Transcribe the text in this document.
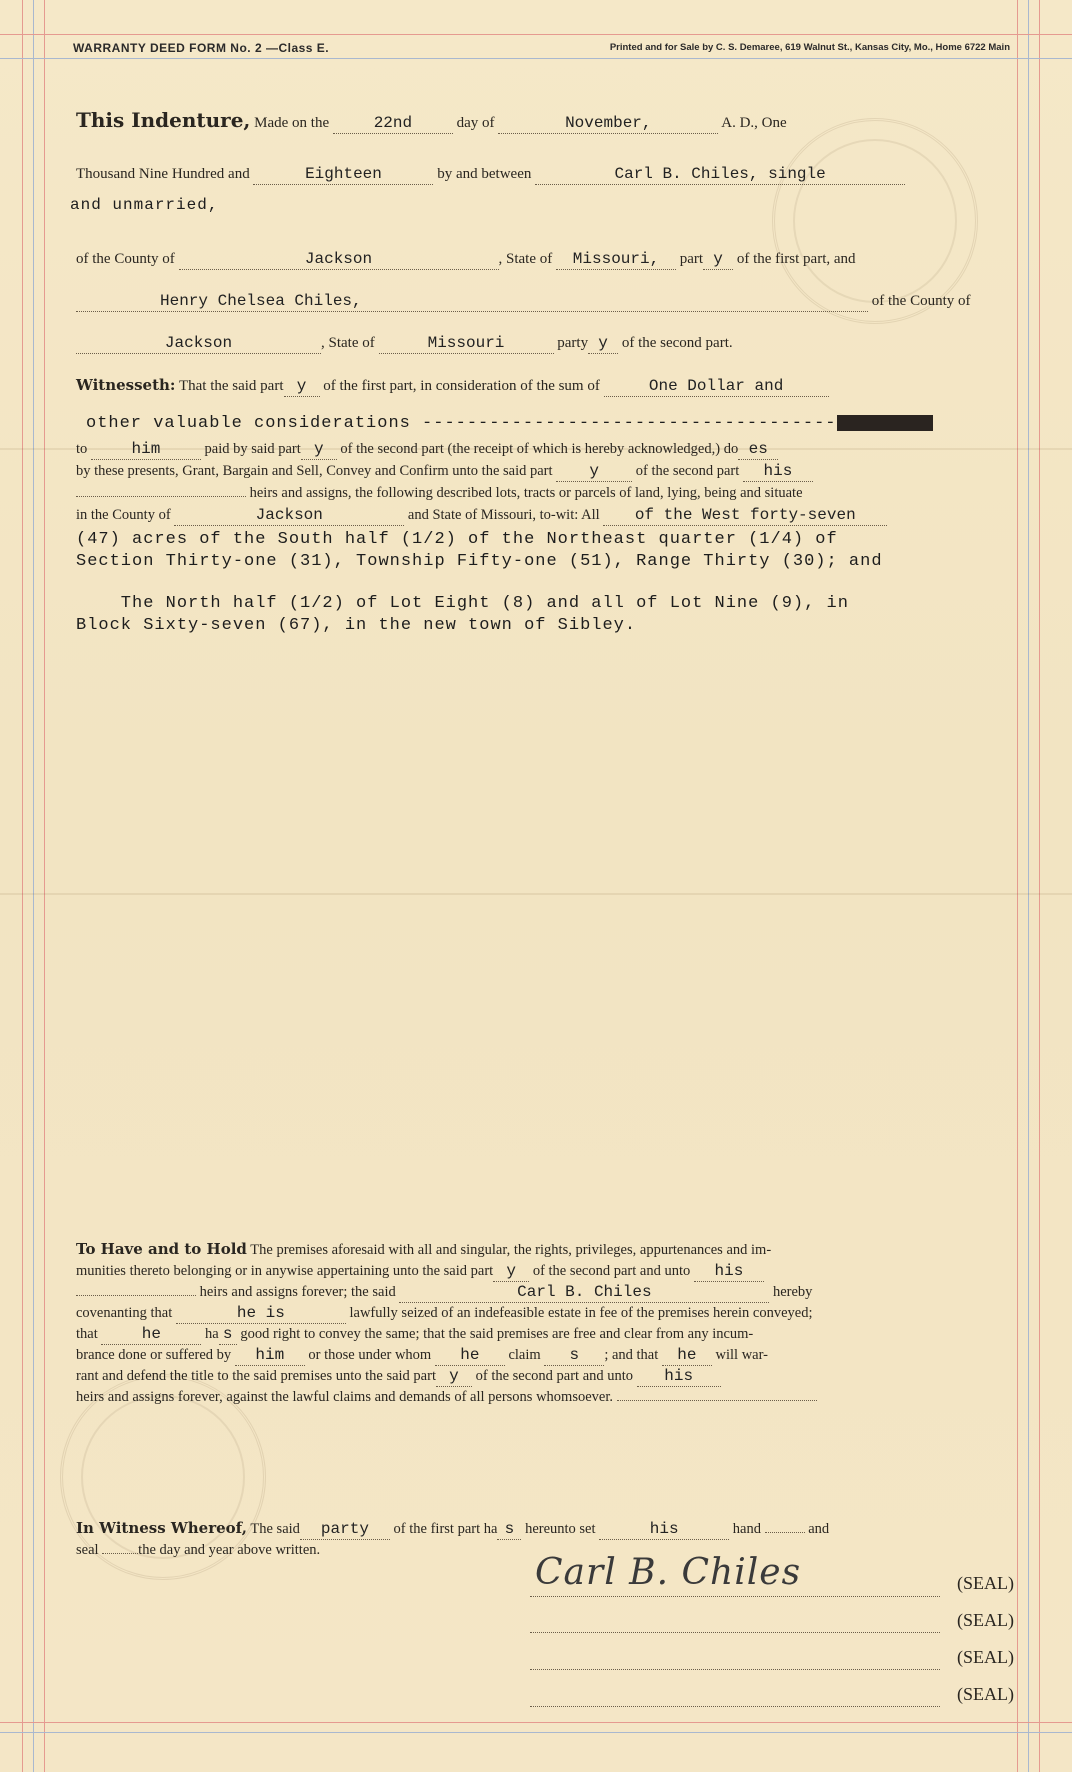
WARRANTY DEED FORM No. 2 —Class E.	Printed and for Sale by C. S. Demaree, 619 Walnut St., Kansas City, Mo., Home 6722 Main
This Indenture, Made on the	22nd	day of	November,	A. D., One
Thousand Nine Hundred and	Eighteen	by and between	Carl B. Chiles, single
and unmarried,
of the County of	Jackson	, State of Missouri, part y of the first part, and
Henry Chelsea Chiles,	of the County of
Jackson	, State of	Missouri	party y of the second part.
Witnesseth: That the said part y of the first part, in consideration of the sum of	One Dollar and
other valuable considerations -------------------------------------
to	him	paid by said part y of the second part (the receipt of which is hereby acknowledged,) do es
by these presents, Grant, Bargain and Sell, Convey and Confirm unto the said part y	of the second part his
heirs and assigns, the following described lots, tracts or parcels of land, lying, being and situate
in the County of	Jackson	and State of Missouri, to-wit: All of the West forty-seven
(47) acres of the South half (1/2) of the Northeast quarter (1/4) of
Section Thirty-one (31), Township Fifty-one (51), Range Thirty (30); and
The North half (1/2) of Lot Eight (8) and all of Lot Nine (9), in
Block Sixty-seven (67), in the new town of Sibley.
To Have and to Hold The premises aforesaid with all and singular, the rights, privileges, appurtenances and im-
munities thereto belonging or in anywise appertaining unto the said part y of the second part and unto his
heirs and assigns forever; the said	Carl B. Chiles	hereby
covenanting that	he is	lawfully seized of an indefeasible estate in fee of the premises herein conveyed;
that	he	ha s good right to convey the same; that the said premises are free and clear from any incum-
brance done or suffered by him or those under whom he claim s ; and that he will war-
rant and defend the title to the said premises unto the said part y of the second part and unto his
heirs and assigns forever, against the lawful claims and demands of all persons whomsoever.
In Witness Whereof, The said party of the first part ha s hereunto set	his	hand	and
seal	the day and year above written.
Carl B. Chiles	(SEAL)
(SEAL)
(SEAL)
(SEAL)
